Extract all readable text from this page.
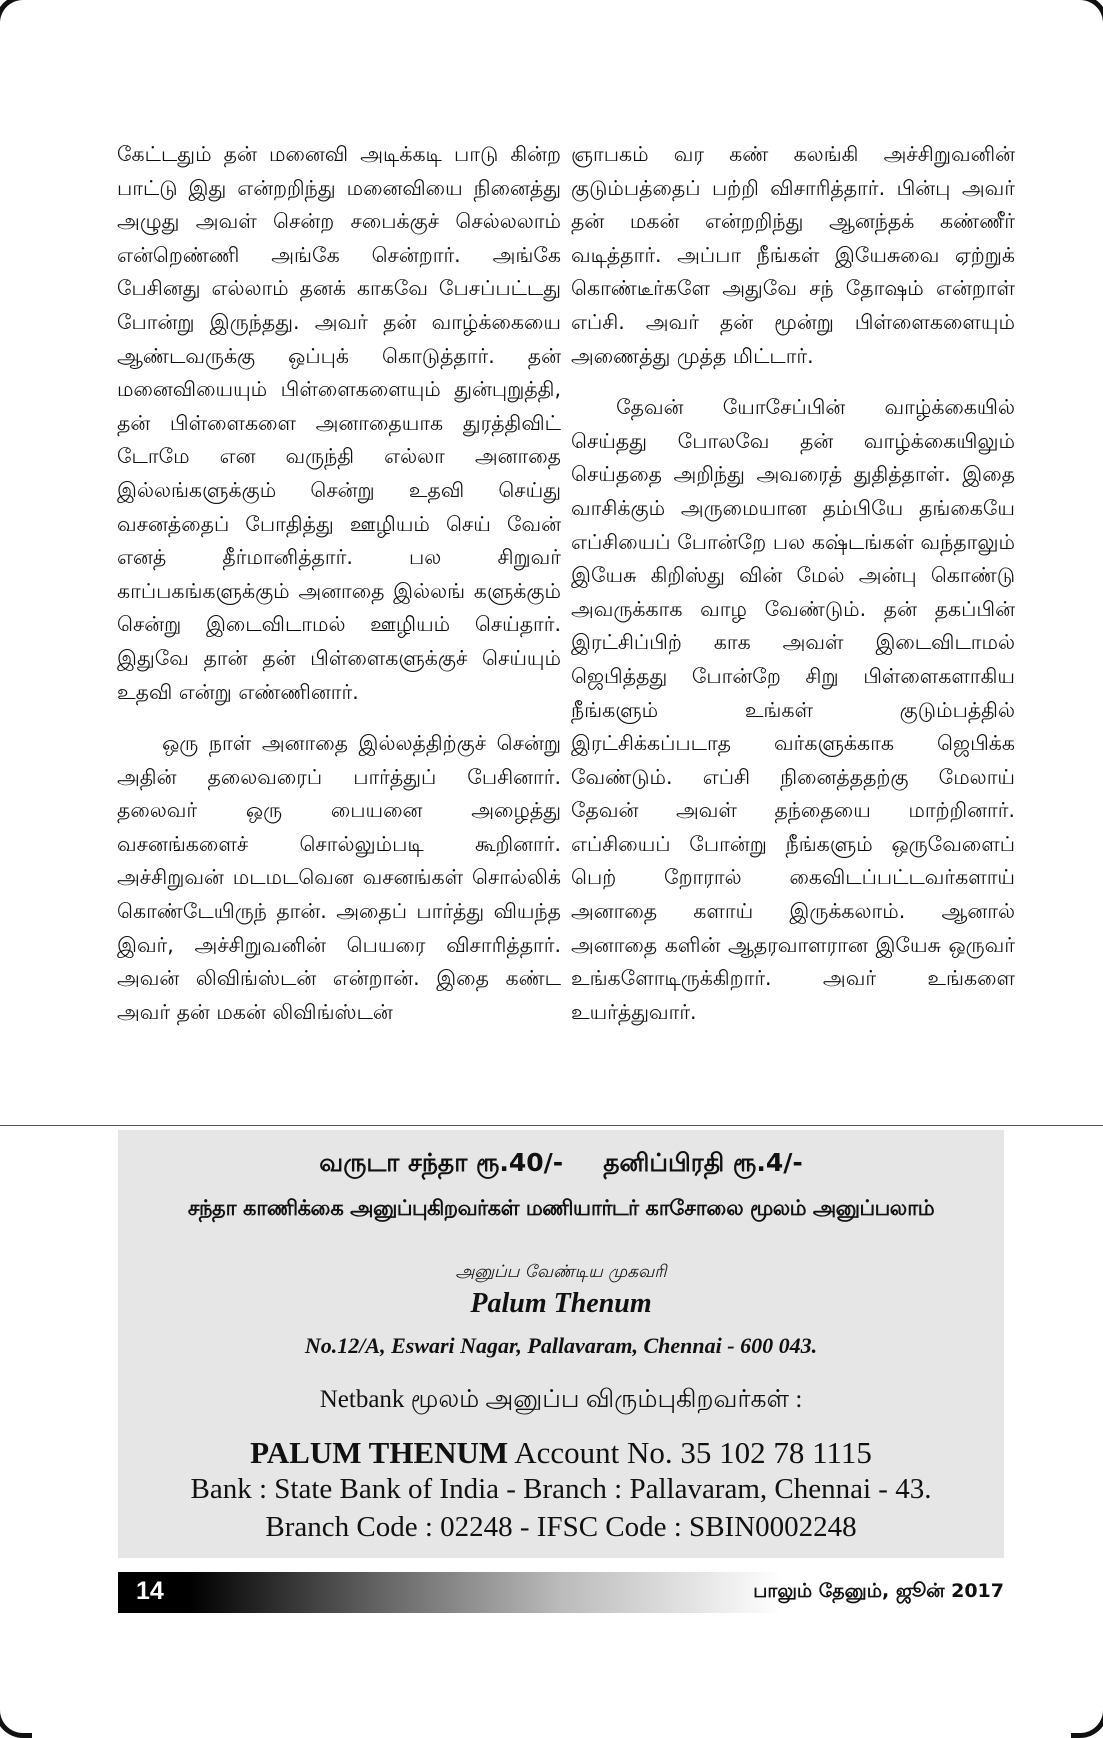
கேட்டதும் தன் மனைவி அடிக்கடி பாடு கின்ற பாட்டு இது என்றறிந்து மனைவியை நினைத்து அழுது அவள் சென்ற சபைக்குச் செல்லலாம் என்றெண்ணி அங்கே சென்றார். அங்கே பேசினது எல்லாம் தனக் காகவே பேசப்பட்டது போன்று இருந்தது. அவர் தன் வாழ்க்கையை ஆண்டவருக்கு ஒப்புக் கொடுத்தார். தன் மனைவியையும் பிள்ளைகளையும் துன்புறுத்தி, தன் பிள்ளைகளை அனாதையாக துரத்திவிட் டோமே என வருந்தி எல்லா அனாதை இல்லங்களுக்கும் சென்று உதவி செய்து வசனத்தைப் போதித்து ஊழியம் செய் வேன் எனத் தீர்மானித்தார். பல சிறுவர் காப்பகங்களுக்கும் அனாதை இல்லங் களுக்கும் சென்று இடைவிடாமல் ஊழியம் செய்தார். இதுவே தான் தன் பிள்ளைகளுக்குச் செய்யும் உதவி என்று எண்ணினார்.

ஒரு நாள் அனாதை இல்லத்திற்குச் சென்று அதின் தலைவரைப் பார்த்துப் பேசினார். தலைவர் ஒரு பையனை அழைத்து வசனங்களைச் சொல்லும்படி கூறினார். அச்சிறுவன் மடமடவென வசனங்கள் சொல்லிக் கொண்டேயிருந் தான். அதைப் பார்த்து வியந்த இவர், அச்சிறுவனின் பெயரை விசாரித்தார். அவன் லிவிங்ஸ்டன் என்றான். இதை கண்ட அவர் தன் மகன் லிவிங்ஸ்டன்

ஞாபகம் வர கண் கலங்கி அச்சிறுவனின் குடும்பத்தைப் பற்றி விசாரித்தார். பின்பு அவர் தன் மகன் என்றறிந்து ஆனந்தக் கண்ணீர் வடித்தார். அப்பா நீங்கள் இயேசுவை ஏற்றுக் கொண்டீர்களே அதுவே சந் தோஷம் என்றாள் எப்சி. அவர் தன் மூன்று பிள்ளைகளையும் அணைத்து முத்த மிட்டார்.

தேவன் யோசேப்பின் வாழ்க்கையில் செய்தது போலவே தன் வாழ்க்கையிலும் செய்ததை அறிந்து அவரைத் துதித்தாள். இதை வாசிக்கும் அருமையான தம்பியே தங்கையே எப்சியைப் போன்றே பல கஷ்டங்கள் வந்தாலும் இயேசு கிறிஸ்து வின் மேல் அன்பு கொண்டு அவருக்காக வாழ வேண்டும். தன் தகப்பின் இரட்சிப்பிற் காக அவள் இடைவிடாமல் ஜெபித்தது போன்றே சிறு பிள்ளைகளாகிய நீங்களும் உங்கள் குடும்பத்தில் இரட்சிக்கப்படாத வர்களுக்காக ஜெபிக்க வேண்டும். எப்சி நினைத்ததற்கு மேலாய் தேவன் அவள் தந்தையை மாற்றினார். எப்சியைப் போன்று நீங்களும் ஒருவேளைப் பெற் றோரால் கைவிடப்பட்டவர்களாய் அனாதை களாய் இருக்கலாம். ஆனால் அனாதை களின் ஆதரவாளரான இயேசு ஒருவர் உங்களோடிருக்கிறார். அவர் உங்களை உயர்த்துவார்.

வருடா சந்தா ரூ.40/- தனிப்பிரதி ரூ.4/-
சந்தா காணிக்கை அனுப்புகிறவர்கள் மணியார்டர் காசோலை மூலம் அனுப்பலாம்
அனுப்ப வேண்டிய முகவரி
Palum Thenum
No.12/A, Eswari Nagar, Pallavaram, Chennai - 600 043.
Netbank மூலம் அனுப்ப விரும்புகிறவர்கள் :
PALUM THENUM Account No. 35 102 78 1115
Bank : State Bank of India - Branch : Pallavaram, Chennai - 43.
Branch Code : 02248 - IFSC Code : SBIN0002248
14	பாலும் தேனும், ஜூன் 2017
